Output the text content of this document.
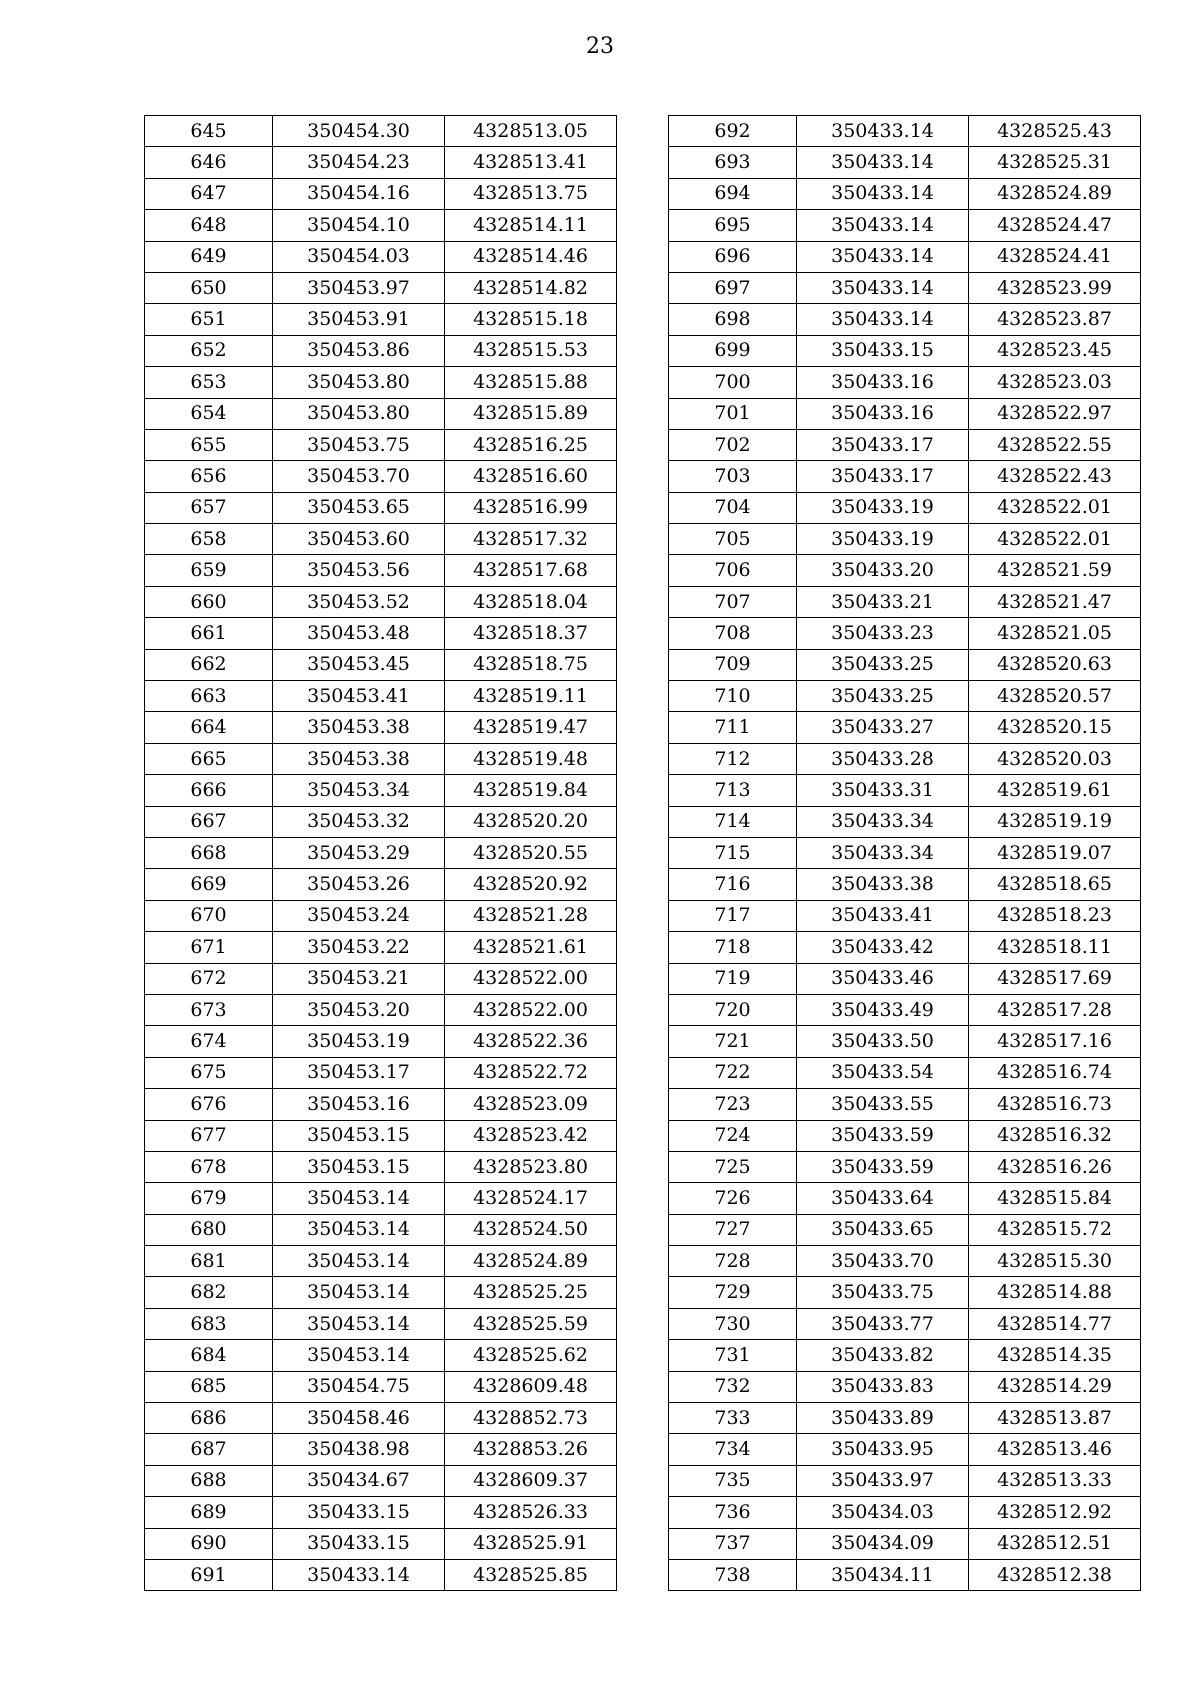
23
645	350454.30	4328513.05
646	350454.23	4328513.41
647	350454.16	4328513.75
648	350454.10	4328514.11
649	350454.03	4328514.46
650	350453.97	4328514.82
651	350453.91	4328515.18
652	350453.86	4328515.53
653	350453.80	4328515.88
654	350453.80	4328515.89
655	350453.75	4328516.25
656	350453.70	4328516.60
657	350453.65	4328516.99
658	350453.60	4328517.32
659	350453.56	4328517.68
660	350453.52	4328518.04
661	350453.48	4328518.37
662	350453.45	4328518.75
663	350453.41	4328519.11
664	350453.38	4328519.47
665	350453.38	4328519.48
666	350453.34	4328519.84
667	350453.32	4328520.20
668	350453.29	4328520.55
669	350453.26	4328520.92
670	350453.24	4328521.28
671	350453.22	4328521.61
672	350453.21	4328522.00
673	350453.20	4328522.00
674	350453.19	4328522.36
675	350453.17	4328522.72
676	350453.16	4328523.09
677	350453.15	4328523.42
678	350453.15	4328523.80
679	350453.14	4328524.17
680	350453.14	4328524.50
681	350453.14	4328524.89
682	350453.14	4328525.25
683	350453.14	4328525.59
684	350453.14	4328525.62
685	350454.75	4328609.48
686	350458.46	4328852.73
687	350438.98	4328853.26
688	350434.67	4328609.37
689	350433.15	4328526.33
690	350433.15	4328525.91
691	350433.14	4328525.85
692	350433.14	4328525.43
693	350433.14	4328525.31
694	350433.14	4328524.89
695	350433.14	4328524.47
696	350433.14	4328524.41
697	350433.14	4328523.99
698	350433.14	4328523.87
699	350433.15	4328523.45
700	350433.16	4328523.03
701	350433.16	4328522.97
702	350433.17	4328522.55
703	350433.17	4328522.43
704	350433.19	4328522.01
705	350433.19	4328522.01
706	350433.20	4328521.59
707	350433.21	4328521.47
708	350433.23	4328521.05
709	350433.25	4328520.63
710	350433.25	4328520.57
711	350433.27	4328520.15
712	350433.28	4328520.03
713	350433.31	4328519.61
714	350433.34	4328519.19
715	350433.34	4328519.07
716	350433.38	4328518.65
717	350433.41	4328518.23
718	350433.42	4328518.11
719	350433.46	4328517.69
720	350433.49	4328517.28
721	350433.50	4328517.16
722	350433.54	4328516.74
723	350433.55	4328516.73
724	350433.59	4328516.32
725	350433.59	4328516.26
726	350433.64	4328515.84
727	350433.65	4328515.72
728	350433.70	4328515.30
729	350433.75	4328514.88
730	350433.77	4328514.77
731	350433.82	4328514.35
732	350433.83	4328514.29
733	350433.89	4328513.87
734	350433.95	4328513.46
735	350433.97	4328513.33
736	350434.03	4328512.92
737	350434.09	4328512.51
738	350434.11	4328512.38
